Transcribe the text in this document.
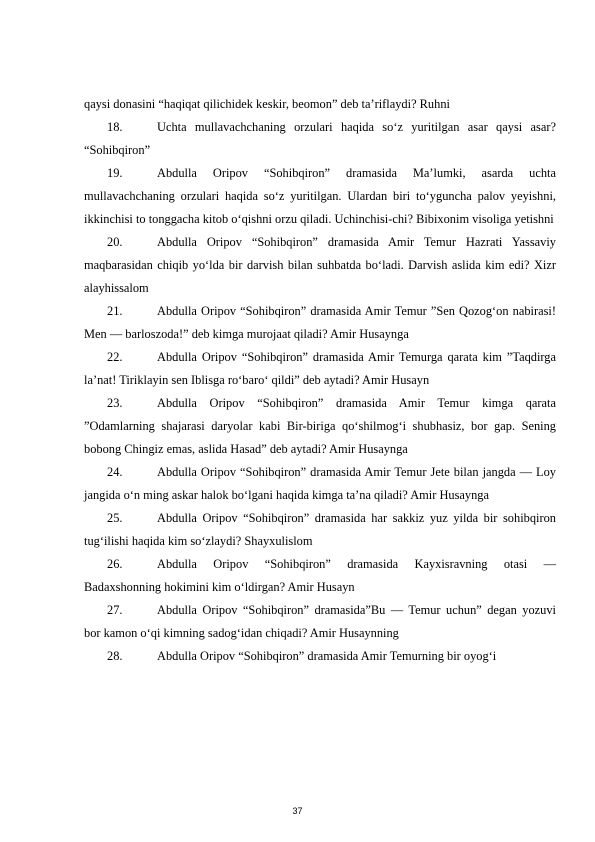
qaysi donasini “haqiqat qilichidek keskir, beomon” deb ta’riflaydi? Ruhni

18.	Uchta mullavachchaning orzulari haqida so‘z yuritilgan asar qaysi asar? “Sohibqiron”

19.	Abdulla Oripov “Sohibqiron” dramasida Ma’lumki, asarda uchta mullavachchaning orzulari haqida so‘z yuritilgan. Ulardan biri to‘yguncha palov yeyishni, ikkinchisi to tonggacha kitob o‘qishni orzu qiladi. Uchinchisi-chi? Bibixonim visoliga yetishni

20.	Abdulla Oripov “Sohibqiron” dramasida Amir Temur Hazrati Yassaviy maqbarasidan chiqib yo‘lda bir darvish bilan suhbatda bo‘ladi. Darvish aslida kim edi? Xizr alayhissalom

21.	Abdulla Oripov “Sohibqiron” dramasida Amir Temur ”Sen Qozog‘on nabirasi! Men — barloszoda!” deb kimga murojaat qiladi? Amir Husaynga

22.	Abdulla Oripov “Sohibqiron” dramasida Amir Temurga qarata kim ”Taqdirga la’nat! Tiriklayin sen Iblisga ro‘baro‘ qildi” deb aytadi? Amir Husayn

23.	Abdulla Oripov “Sohibqiron” dramasida Amir Temur kimga qarata ”Odamlarning shajarasi daryolar kabi Bir-biriga qo‘shilmog‘i shubhasiz, bor gap. Sening bobong Chingiz emas, aslida Hasad” deb aytadi? Amir Husaynga

24.	Abdulla Oripov “Sohibqiron” dramasida Amir Temur Jete bilan jangda — Loy jangida o‘n ming askar halok bo‘lgani haqida kimga ta’na qiladi? Amir Husaynga

25.	Abdulla Oripov “Sohibqiron” dramasida har sakkiz yuz yilda bir sohibqiron tug‘ilishi haqida kim so‘zlaydi? Shayxulislom

26.	Abdulla Oripov “Sohibqiron” dramasida Kayxisravning otasi — Badaxshonning hokimini kim o‘ldirgan? Amir Husayn

27.	Abdulla Oripov “Sohibqiron” dramasida”Bu — Temur uchun” degan yozuvi bor kamon o‘qi kimning sadog‘idan chiqadi? Amir Husaynning

28.	Abdulla Oripov “Sohibqiron” dramasida Amir Temurning bir oyog‘i

37
